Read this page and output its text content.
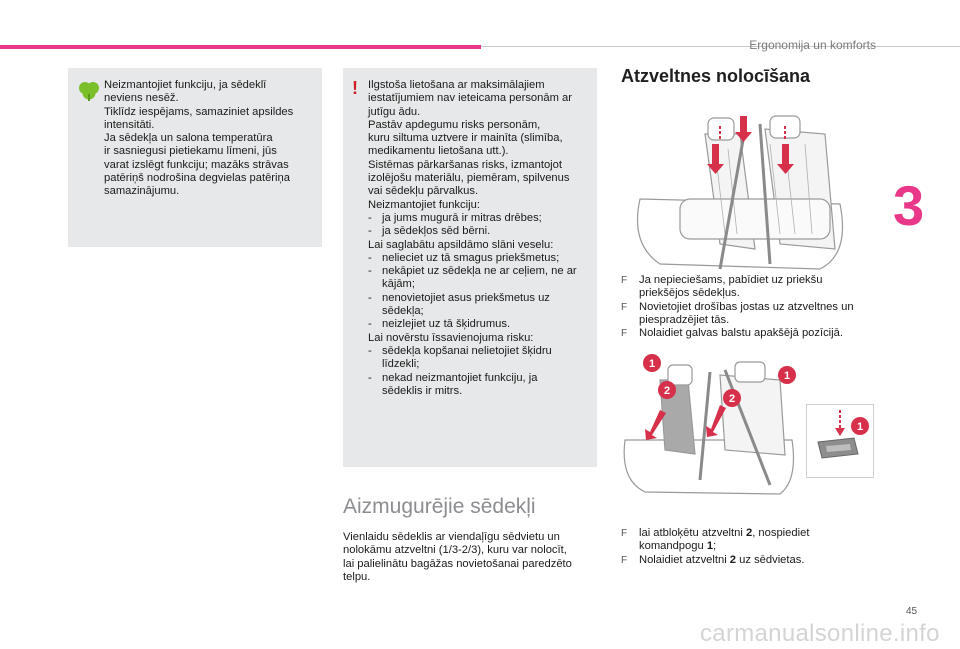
Ergonomija un komforts
3

Neizmantojiet funkciju, ja sēdeklī
neviens nesēž.
Tiklīdz iespējams, samaziniet apsildes
intensitāti.
Ja sēdekļa un salona temperatūra
ir sasniegusi pietiekamu līmeni, jūs
varat izslēgt funkciju; mazāks strāvas
patēriņš nodrošina degvielas patēriņa
samazinājumu.

! Ilgstoša lietošana ar maksimālajiem
iestatījumiem nav ieteicama personām ar
jutīgu ādu.
Pastāv apdegumu risks personām,
kuru siltuma uztvere ir mainīta (slimība,
medikamentu lietošana utt.).
Sistēmas pārkaršanas risks, izmantojot
izolējošu materiālu, piemēram, spilvenus
vai sēdekļu pārvalkus.
Neizmantojiet funkciju:

- ja jums mugurā ir mitras drēbes;
- ja sēdekļos sēd bērni.

Lai saglabātu apsildāmo slāni veselu:

- nelieciet uz tā smagus priekšmetus;
- nekāpiet uz sēdekļa ne ar ceļiem, ne ar
kājām;
- nenovietojiet asus priekšmetus uz
sēdekļa;
- neizlejiet uz tā šķidrumus.

Lai novērstu īssavienojuma risku:

- sēdekļa kopšanai nelietojiet šķidru
līdzekli;
- nekad neizmantojiet funkciju, ja
sēdeklis ir mitrs.
Aizmugurējie sēdekļi
Vienlaidu sēdeklis ar viendaļīgu sēdvietu un
nolokāmu atzveltni (1/3-2/3), kuru var nolocīt,
lai palielinātu bagāžas novietošanai paredzēto
telpu.
Atzveltnes nolocīšana
F Ja nepieciešams, pabīdiet uz priekšu
priekšējos sēdekļus.
F Novietojiet drošības jostas uz atzveltnes un
piespradzējiet tās.
F Nolaidiet galvas balstu apakšējā pozīcijā.
1
2
2
1
1
F lai atbloķētu atzveltni 2, nospiediet
komandpogu 1;
F Nolaidiet atzveltni 2 uz sēdvietas.
45
carmanualsonline.info
